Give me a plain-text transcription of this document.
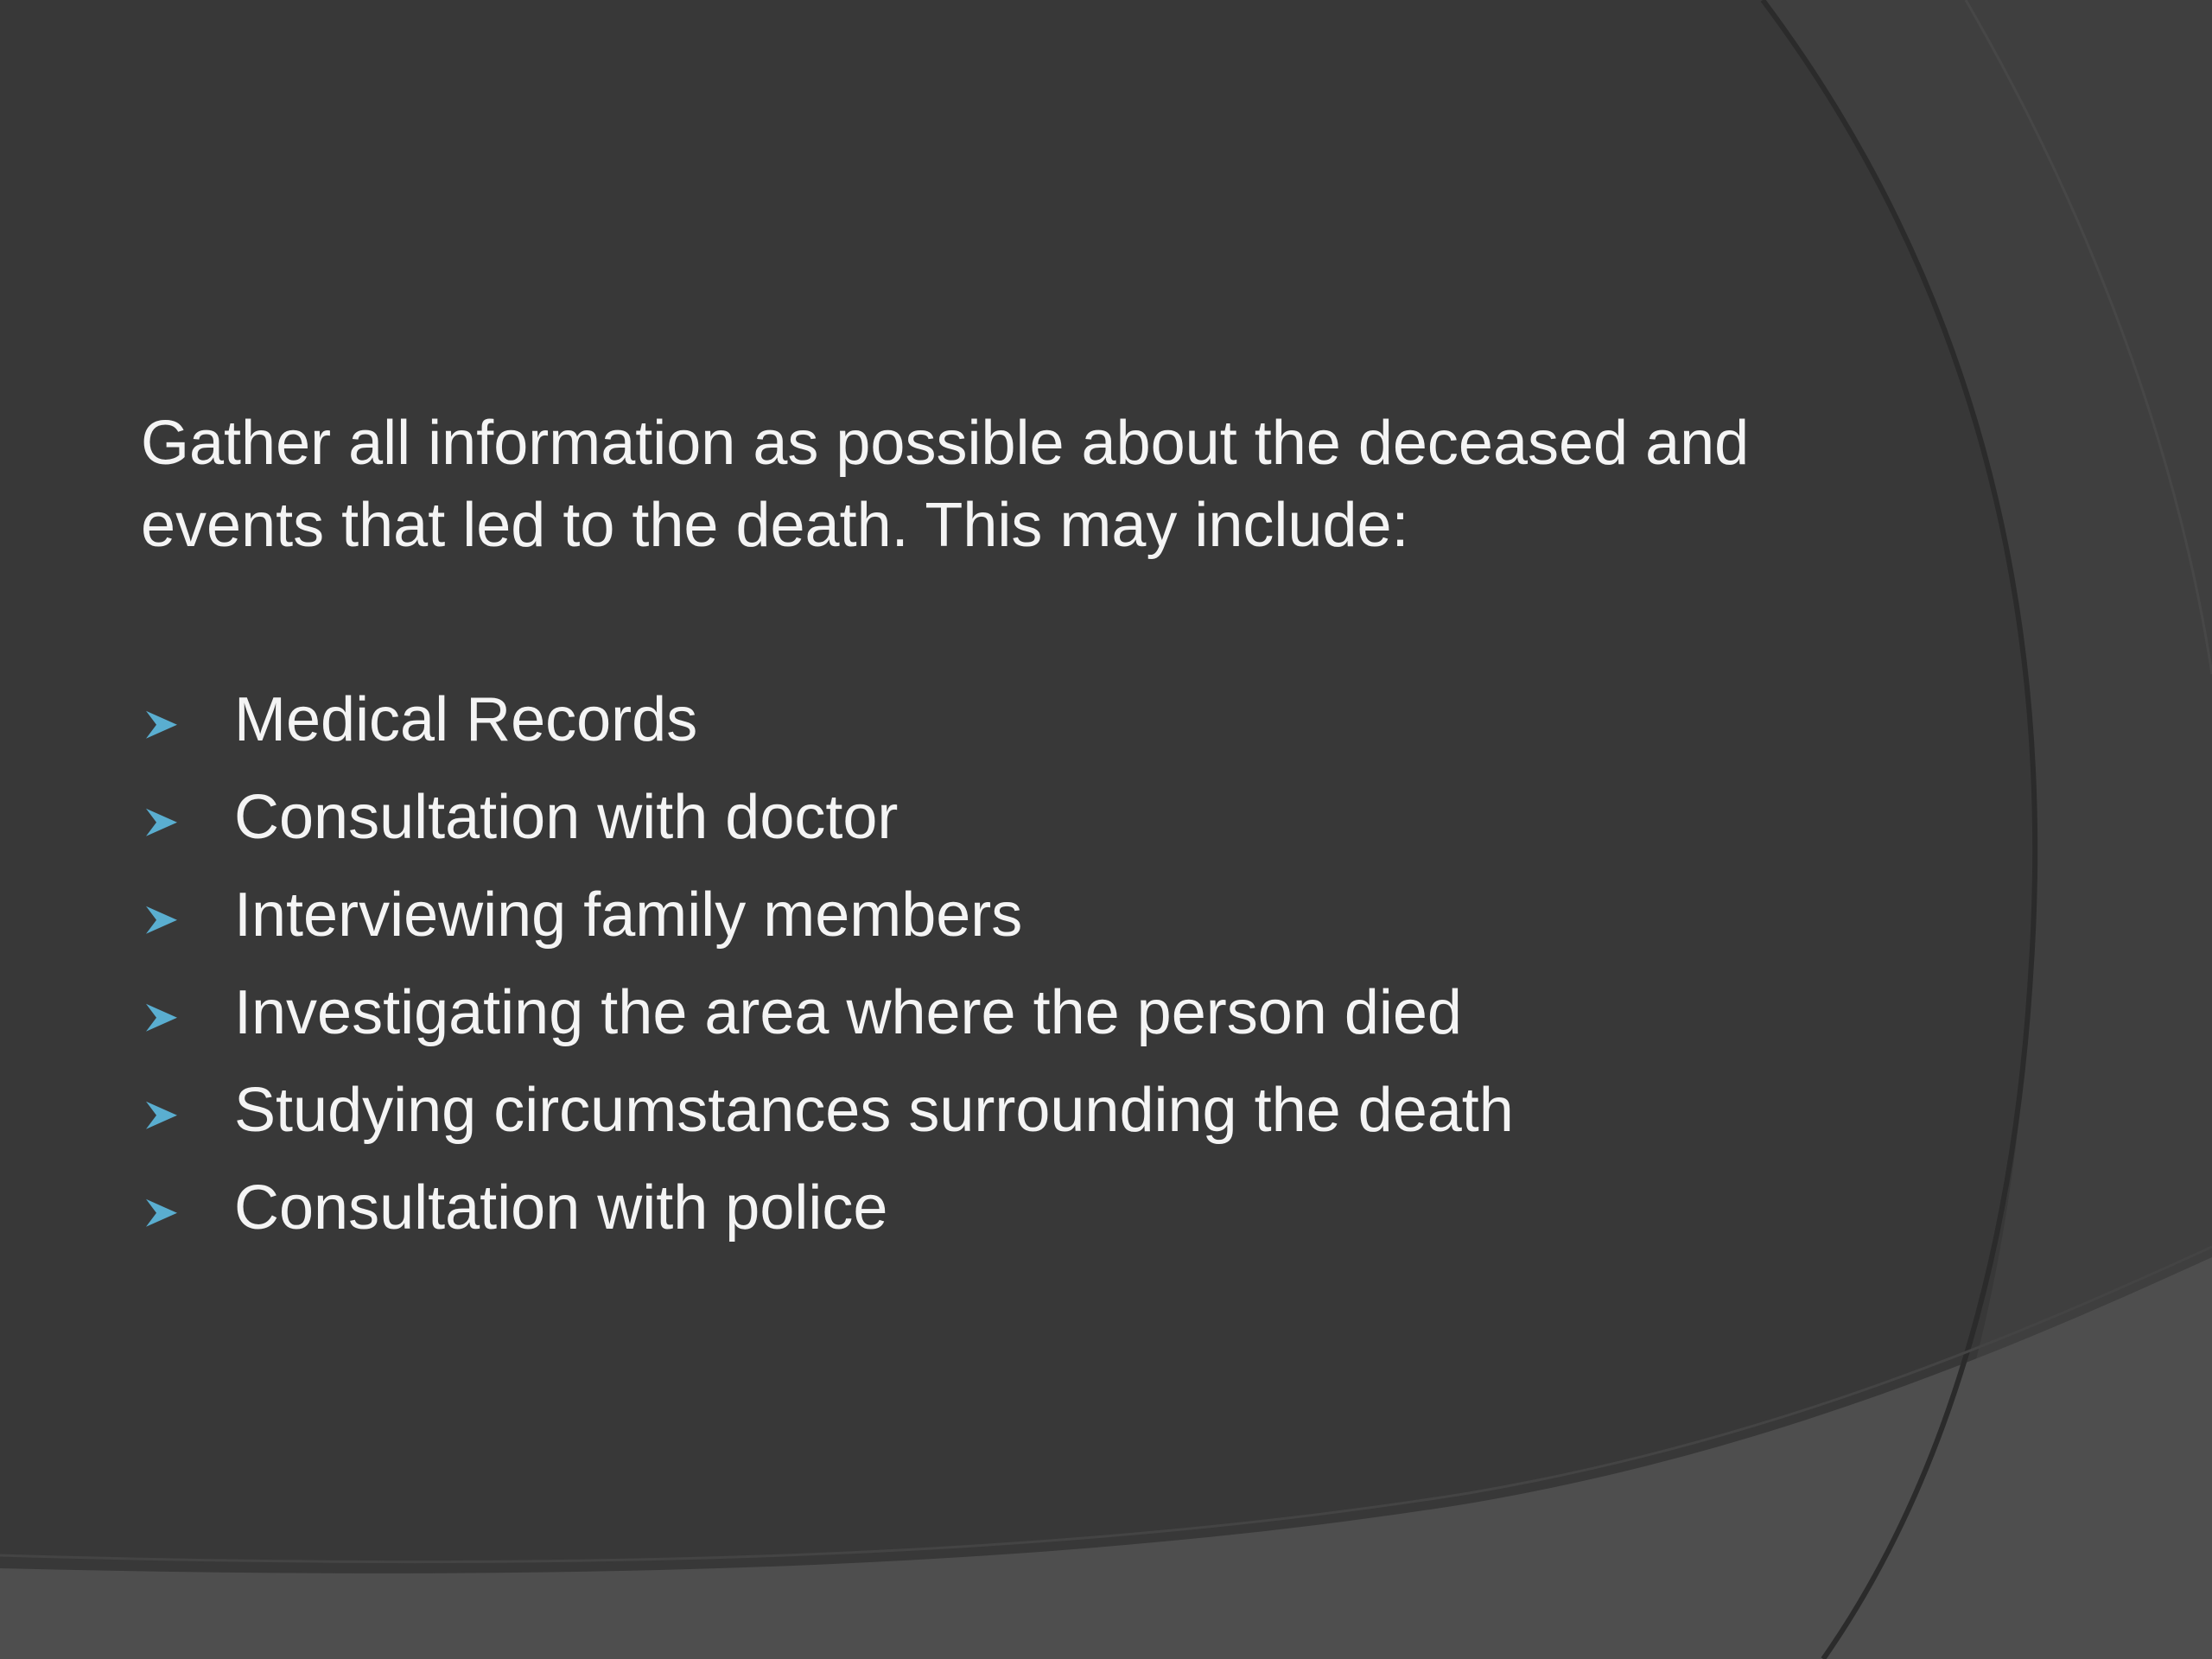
Gather all information as possible about the deceased and
events that led to the death. This may include:

Medical Records
Consultation with doctor
Interviewing family members
Investigating the area where the person died
Studying circumstances surrounding the death
Consultation with police
